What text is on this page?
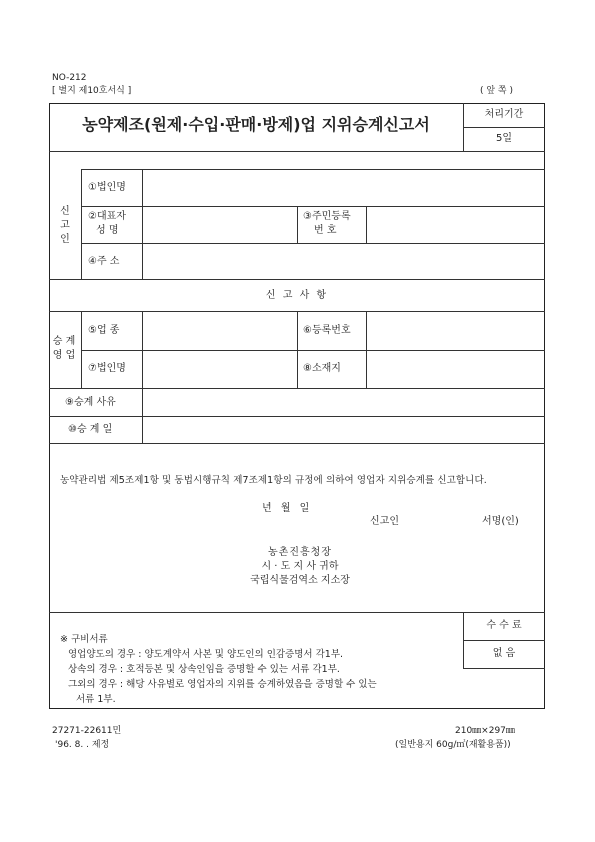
NO-212
[ 별지 제10호서식 ]	( 앞 쪽 )
농약제조(원제·수입·판매·방제)업 지위승계신고서
처리기간
5일
신
고
인
①법인명
②대표자
성 명
③주민등록
번 호
④주 소
신 고 사 항
승 계
영 업
⑤업 종	⑥등록번호
⑦법인명	⑧소재지
⑨승계 사유
⑩승 계 일
농약관리법 제5조제1항 및 동법시행규칙 제7조제1항의 규정에 의하여 영업자 지위승계를 신고합니다.
년 월 일
신고인	서명(인)
농촌진흥청장
시 · 도 지 사 귀하
국립식물검역소 지소장
수 수 료
없 음
※ 구비서류
영업양도의 경우 : 양도계약서 사본 및 양도인의 인감증명서 각1부.
상속의 경우 : 호적등본 및 상속인임을 증명할 수 있는 서류 각1부.
그외의 경우 : 해당 사유별로 영업자의 지위를 승계하였음을 증명할 수 있는
서류 1부.
27271-22611민
'96. 8. . 제정
210㎜×297㎜
(일반용지 60g/㎡(재활용품))
